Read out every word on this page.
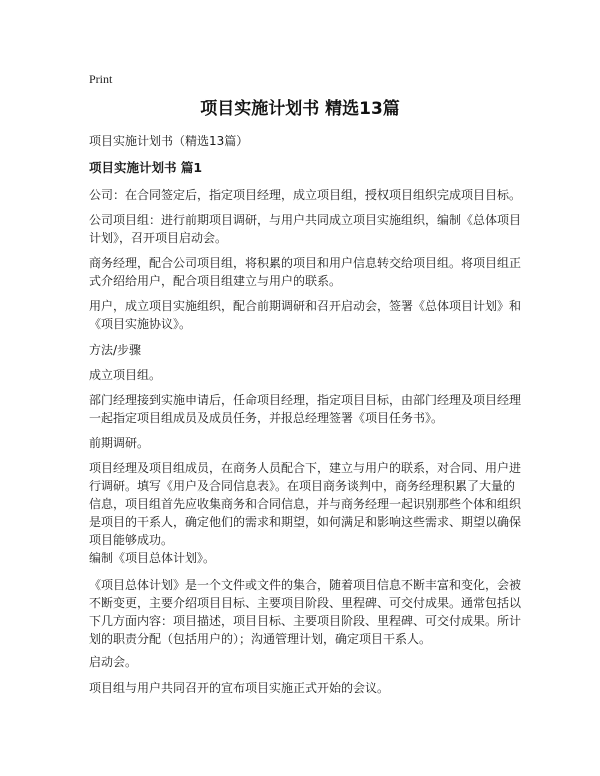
Print
项目实施计划书 精选13篇
项目实施计划书（精选13篇）
项目实施计划书 篇1

公司：在合同签定后，指定项目经理，成立项目组，授权项目组织完成项目目标。

公司项目组：进行前期项目调研，与用户共同成立项目实施组织，编制《总体项目计划》，召开项目启动会。

商务经理，配合公司项目组，将积累的项目和用户信息转交给项目组。将项目组正式介绍给用户，配合项目组建立与用户的联系。

用户，成立项目实施组织，配合前期调研和召开启动会，签署《总体项目计划》和《项目实施协议》。

方法/步骤

成立项目组。

部门经理接到实施申请后，任命项目经理，指定项目目标，由部门经理及项目经理一起指定项目组成员及成员任务，并报总经理签署《项目任务书》。

前期调研。

项目经理及项目组成员，在商务人员配合下，建立与用户的联系，对合同、用户进行调研。填写《用户及合同信息表》。在项目商务谈判中，商务经理积累了大量的信息，项目组首先应收集商务和合同信息，并与商务经理一起识别那些个体和组织是项目的干系人，确定他们的需求和期望，如何满足和影响这些需求、期望以确保项目能够成功。

编制《项目总体计划》。

《项目总体计划》是一个文件或文件的集合，随着项目信息不断丰富和变化，会被不断变更，主要介绍项目目标、主要项目阶段、里程碑、可交付成果。通常包括以下几方面内容：项目描述，项目目标、主要项目阶段、里程碑、可交付成果。所计划的职责分配（包括用户的）；沟通管理计划，确定项目干系人。

启动会。

项目组与用户共同召开的宣布项目实施正式开始的会议。
